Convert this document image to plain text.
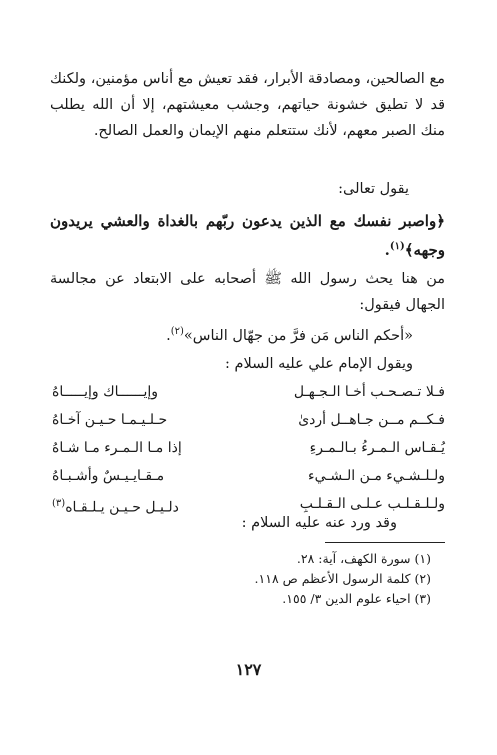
مع الصالحين، ومصادقة الأبرار، فقد تعيش مع أناس مؤمنين، ولكنك قد لا تطيق خشونة حياتهم، وجشب معيشتهم، إلا أن الله يطلب منك الصبر معهم، لأنك ستتعلم منهم الإيمان والعمل الصالح.
يقول تعالى:
﴿واصبر نفسك مع الذين يدعون ربّهم بالغداة والعشي يريدون وجهه﴾$^{(١)}$.
من هنا يحث رسول الله ﷺ أصحابه على الابتعاد عن مجالسة الجهال فيقول:
«أحكم الناس مَن فرَّ من جهّال الناس»$^{(٢)}$.
ويقول الإمام علي عليه السلام :
فـلا تـصـحـب أخـا الـجـهـل
وإيــــــاك وإيـــــاهُ
فـكــم مــن جـاهــل أردىٰ
حـلـيـمـا حـيـن آخـاهُ
يُـقـاس الـمـرءُ بـالـمـرءِ
إذا مـا الـمـرء مـا شـاهُ
ولـلـشـيء مـن الـشـيء
مـقـايـيـسٌ وأشـبـاهُ
ولـلـقـلـب عـلـى الـقـلـبِ
دلـيـل حـيـن يـلـقـاه$^{(٣)}$
وقد ورد عنه عليه السلام :
(١) سورة الكهف، آية: ٢٨.
(٢) كلمة الرسول الأعظم ص ١١٨.
(٣) احياء علوم الدين ٣/ ١٥٥.
١٢٧
